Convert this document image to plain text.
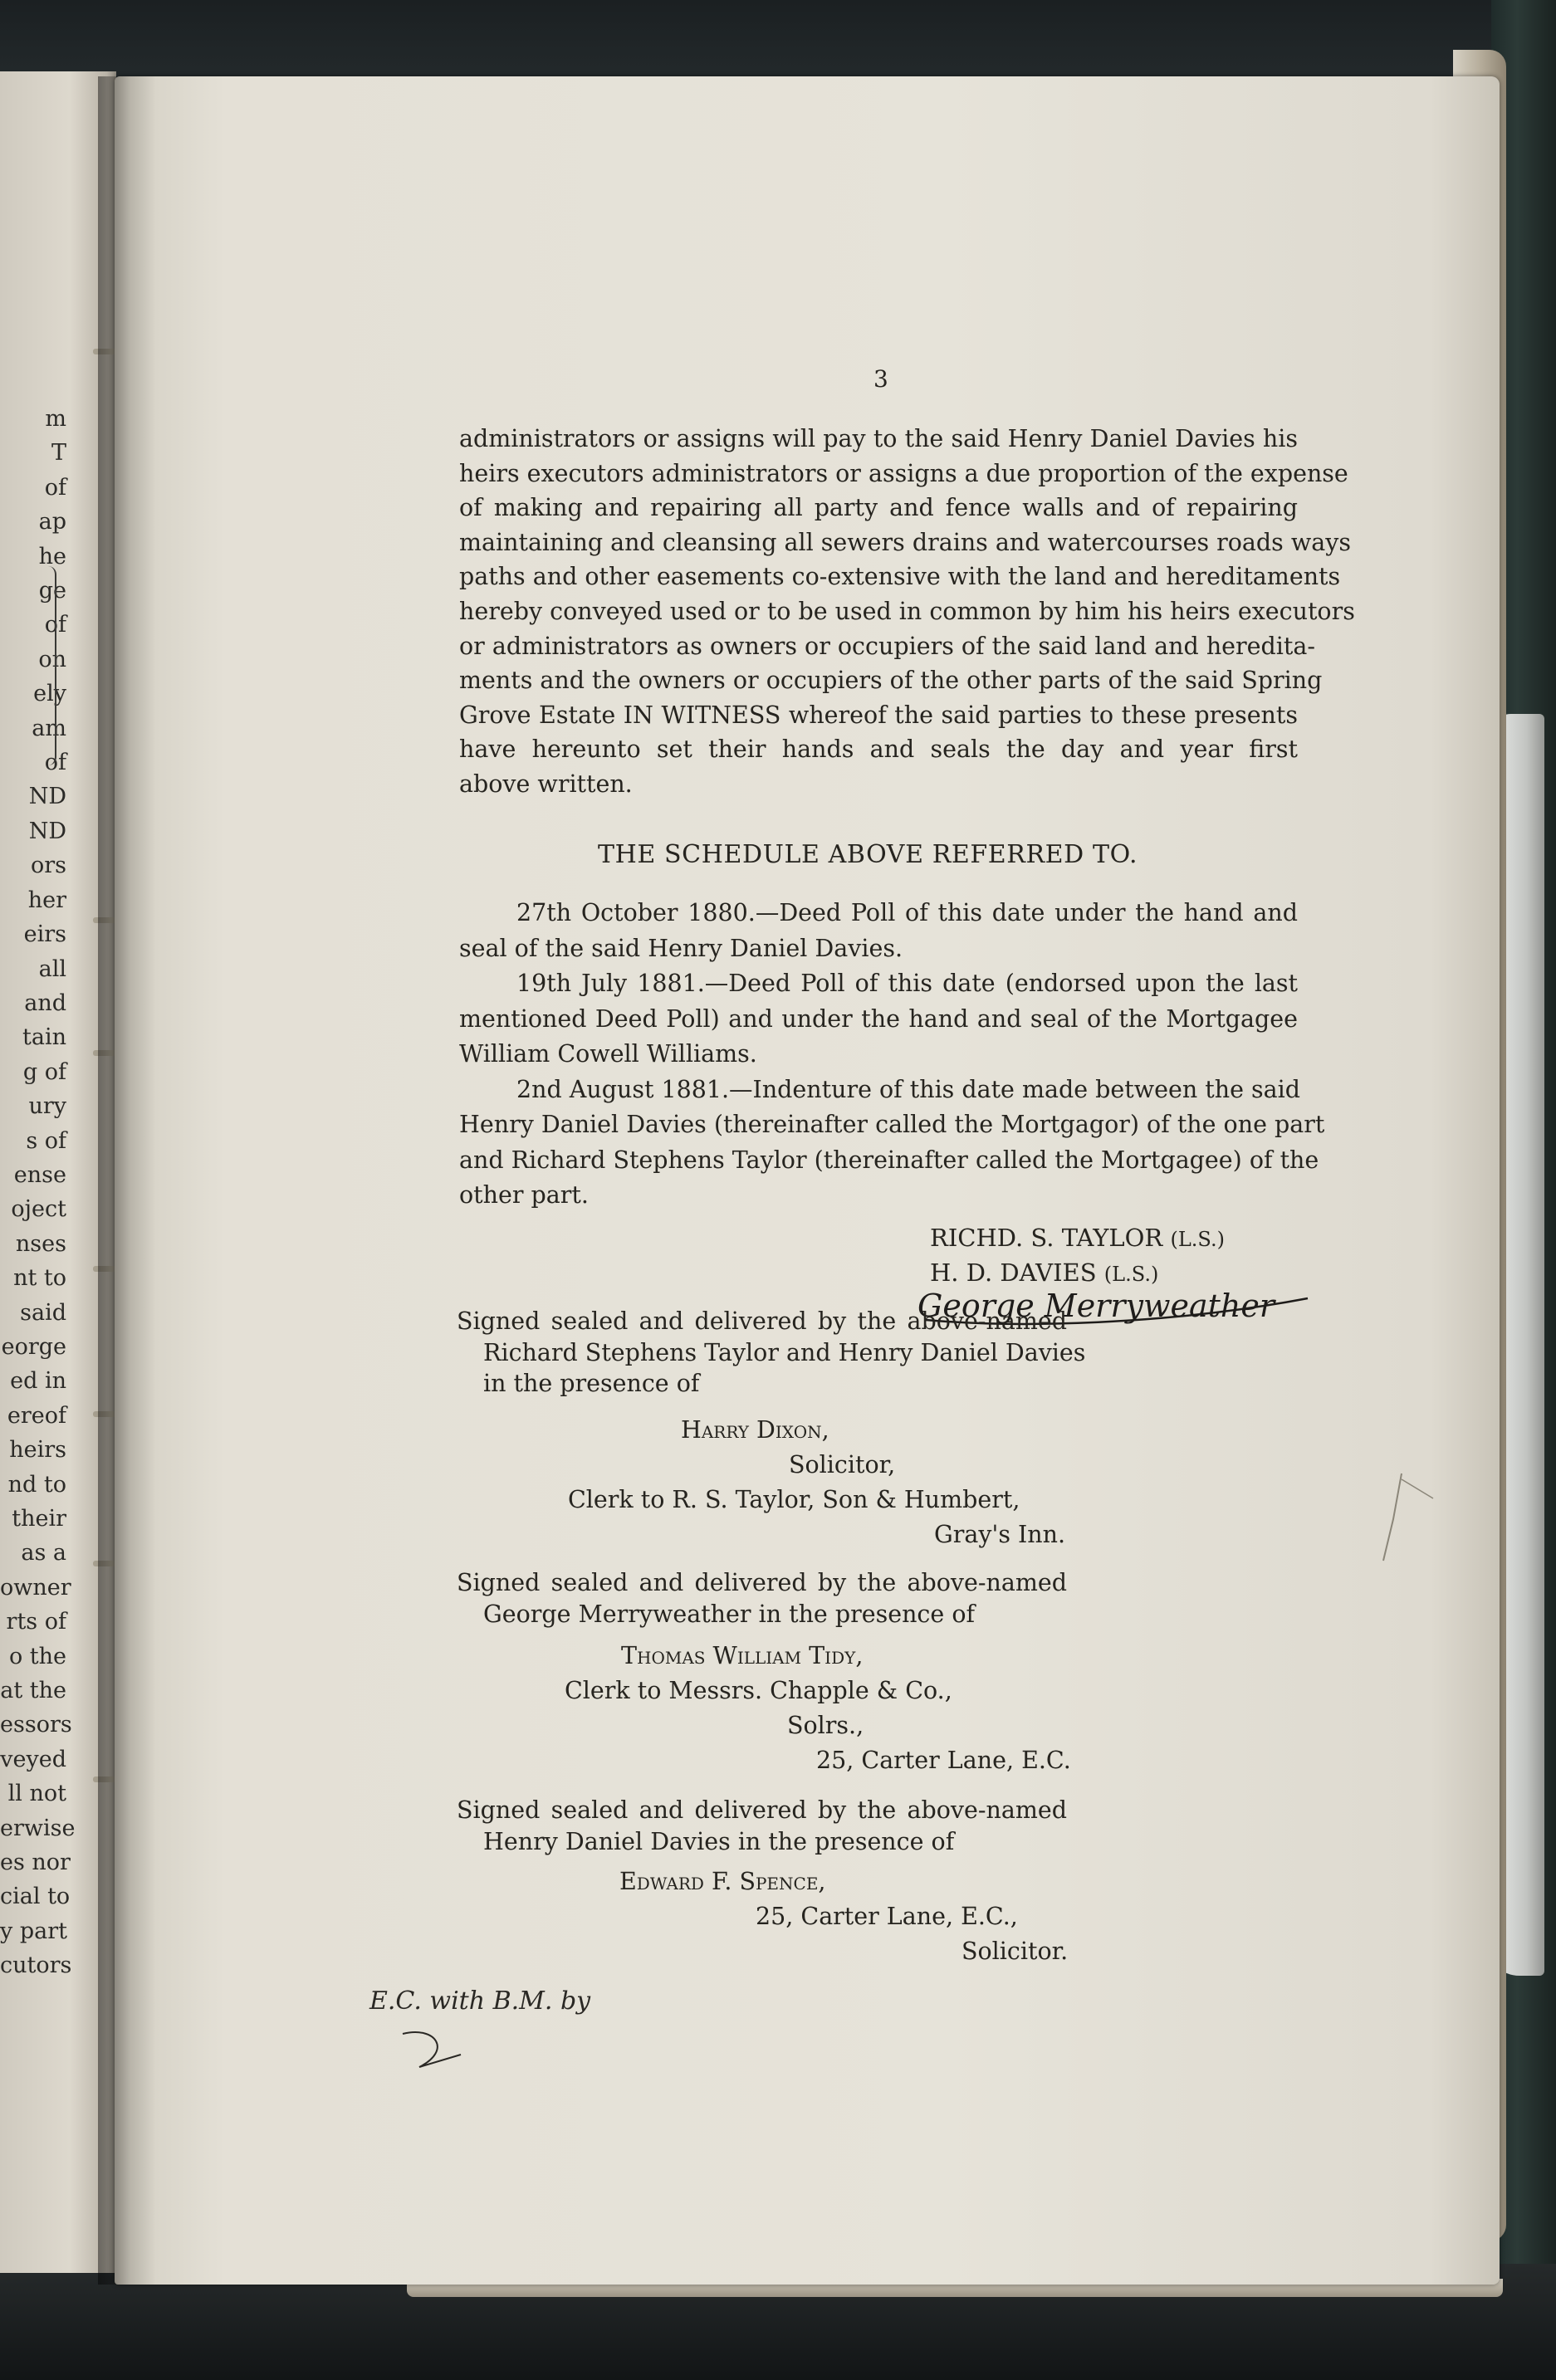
m
T
of
ap
he
ge
of
on
ely
am
of
ND
ND
ors
her
eirs
all
and
tain
g of
ury
s of
ense
oject
nses
nt to
said
eorge
ed in
ereof
heirs
nd to
their
as a
owner
rts of
o the
at the
essors
veyed
ll not
erwise
es nor
cial to
y part
cutors
3
administrators or assigns will pay to the said Henry Daniel Davies his
heirs executors administrators or assigns a due proportion of the expense
of making and repairing all party and fence walls and of repairing
maintaining and cleansing all sewers drains and watercourses roads ways
paths and other easements co-extensive with the land and hereditaments
hereby conveyed used or to be used in common by him his heirs executors
or administrators as owners or occupiers of the said land and heredita-
ments and the owners or occupiers of the other parts of the said Spring
Grove Estate IN WITNESS whereof the said parties to these presents
have hereunto set their hands and seals the day and year first
above written.
THE SCHEDULE ABOVE REFERRED TO.
27th October 1880.—Deed Poll of this date under the hand and
seal of the said Henry Daniel Davies.
19th July 1881.—Deed Poll of this date (endorsed upon the last
mentioned Deed Poll) and under the hand and seal of the Mortgagee
William Cowell Williams.
2nd August 1881.—Indenture of this date made between the said
Henry Daniel Davies (thereinafter called the Mortgagor) of the one part
and Richard Stephens Taylor (thereinafter called the Mortgagee) of the
other part.
RICHD. S. TAYLOR (L.S.)
H. D. DAVIES (L.S.)
George Merryweather
Signed sealed and delivered by the above-named
Richard Stephens Taylor and Henry Daniel Davies
in the presence of
Harry Dixon,
Solicitor,
Clerk to R. S. Taylor, Son & Humbert,
Gray's Inn.
Signed sealed and delivered by the above-named
George Merryweather in the presence of
Thomas William Tidy,
Clerk to Messrs. Chapple & Co.,
Solrs.,
25, Carter Lane, E.C.
Signed sealed and delivered by the above-named
Henry Daniel Davies in the presence of
Edward F. Spence,
25, Carter Lane, E.C.,
Solicitor.
E.C. with B.M. by
